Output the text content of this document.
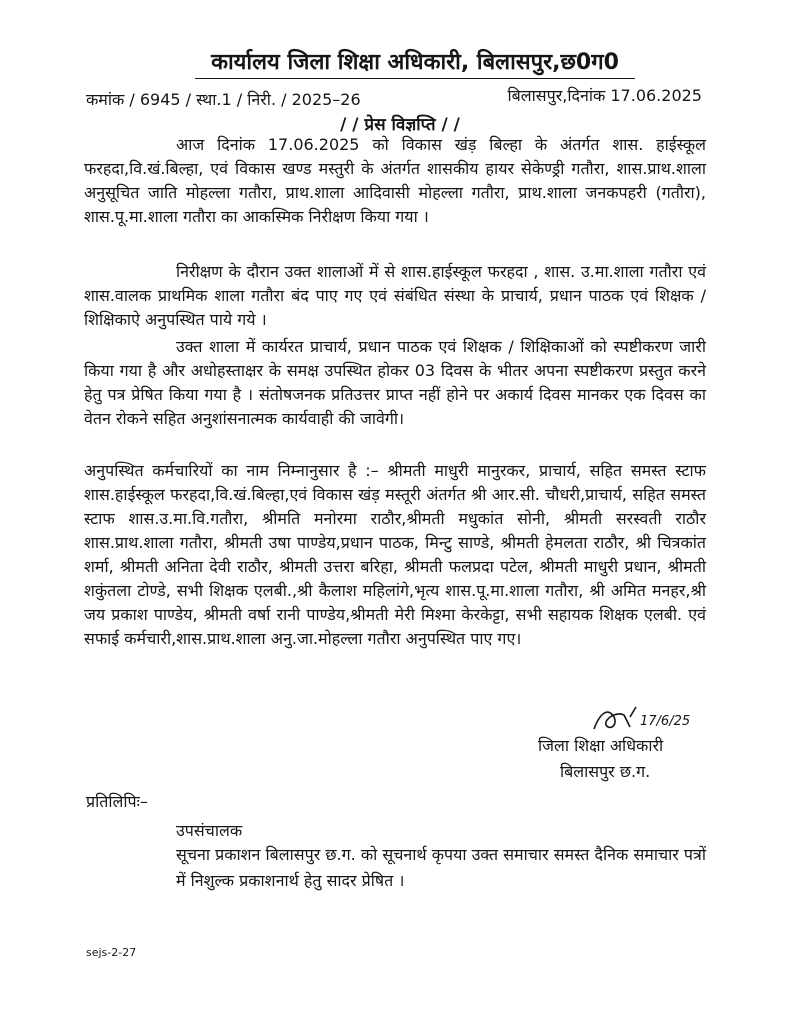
कार्यालय जिला शिक्षा अधिकारी, बिलासपुर,छ0ग0
कमांक / 6945 / स्था.1 / निरी. / 2025–26	बिलासपुर,दिनांक 17.06.2025
/ / प्रेस विज्ञप्ति / /

आज दिनांक 17.06.2025 को विकास खंड़ बिल्हा के अंतर्गत शास. हाईस्कूल फरहदा,वि.खं.बिल्हा, एवं विकास खण्ड मस्तुरी के अंतर्गत शासकीय हायर सेकेण्ड्री गतौरा, शास.प्राथ.शाला अनुसूचित जाति मोहल्ला गतौरा, प्राथ.शाला आदिवासी मोहल्ला गतौरा, प्राथ.शाला जनकपहरी (गतौरा), शास.पू.मा.शाला गतौरा का आकस्मिक निरीक्षण किया गया ।

निरीक्षण के दौरान उक्त शालाओं में से शास.हाईस्कूल फरहदा , शास. उ.मा.शाला गतौरा एवं शास.वालक प्राथमिक शाला गतौरा बंद पाए गए एवं संबंधित संस्था के प्राचार्य, प्रधान पाठक एवं शिक्षक / शिक्षिकाऐ अनुपस्थित पाये गये ।

उक्त शाला में कार्यरत प्राचार्य, प्रधान पाठक एवं शिक्षक / शिक्षिकाओं को स्पष्टीकरण जारी किया गया है और अधोहस्ताक्षर के समक्ष उपस्थित होकर 03 दिवस के भीतर अपना स्पष्टीकरण प्रस्तुत करने हेतु पत्र प्रेषित किया गया है । संतोषजनक प्रतिउत्तर प्राप्त नहीं होने पर अकार्य दिवस मानकर एक दिवस का वेतन रोकने सहित अनुशांसनात्मक कार्यवाही की जावेगी।

अनुपस्थित कर्मचारियों का नाम निम्नानुसार है :– श्रीमती माधुरी मानुरकर, प्राचार्य, सहित समस्त स्टाफ शास.हाईस्कूल फरहदा,वि.खं.बिल्हा,एवं विकास खंड़ मस्तूरी अंतर्गत श्री आर.सी. चौधरी,प्राचार्य, सहित समस्त स्टाफ शास.उ.मा.वि.गतौरा, श्रीमति मनोरमा राठौर,श्रीमती मधुकांत सोनी, श्रीमती सरस्वती राठौर शास.प्राथ.शाला गतौरा, श्रीमती उषा पाण्डेय,प्रधान पाठक, मिन्टु साण्डे, श्रीमती हेमलता राठौर, श्री चित्रकांत शर्मा, श्रीमती अनिता देवी राठौर, श्रीमती उत्तरा बरिहा, श्रीमती फलप्रदा पटेल, श्रीमती माधुरी प्रधान, श्रीमती शकुंतला टोण्डे, सभी शिक्षक एलबी.,श्री कैलाश महिलांगे,भृत्य शास.पू.मा.शाला गतौरा, श्री अमित मनहर,श्री जय प्रकाश पाण्डेय, श्रीमती वर्षा रानी पाण्डेय,श्रीमती मेरी मिश्मा केरकेट्टा, सभी सहायक शिक्षक एलबी. एवं सफाई कर्मचारी,शास.प्राथ.शाला अनु.जा.मोहल्ला गतौरा अनुपस्थित पाए गए।

17/6/25
जिला शिक्षा अधिकारी
बिलासपुर छ.ग.
प्रतिलिपिः–
उपसंचालक

सूचना प्रकाशन बिलासपुर छ.ग. को सूचनार्थ कृपया उक्त समाचार समस्त दैनिक समाचार पत्रों में निशुल्क प्रकाशनार्थ हेतु सादर प्रेषित ।

sejs-2-27
